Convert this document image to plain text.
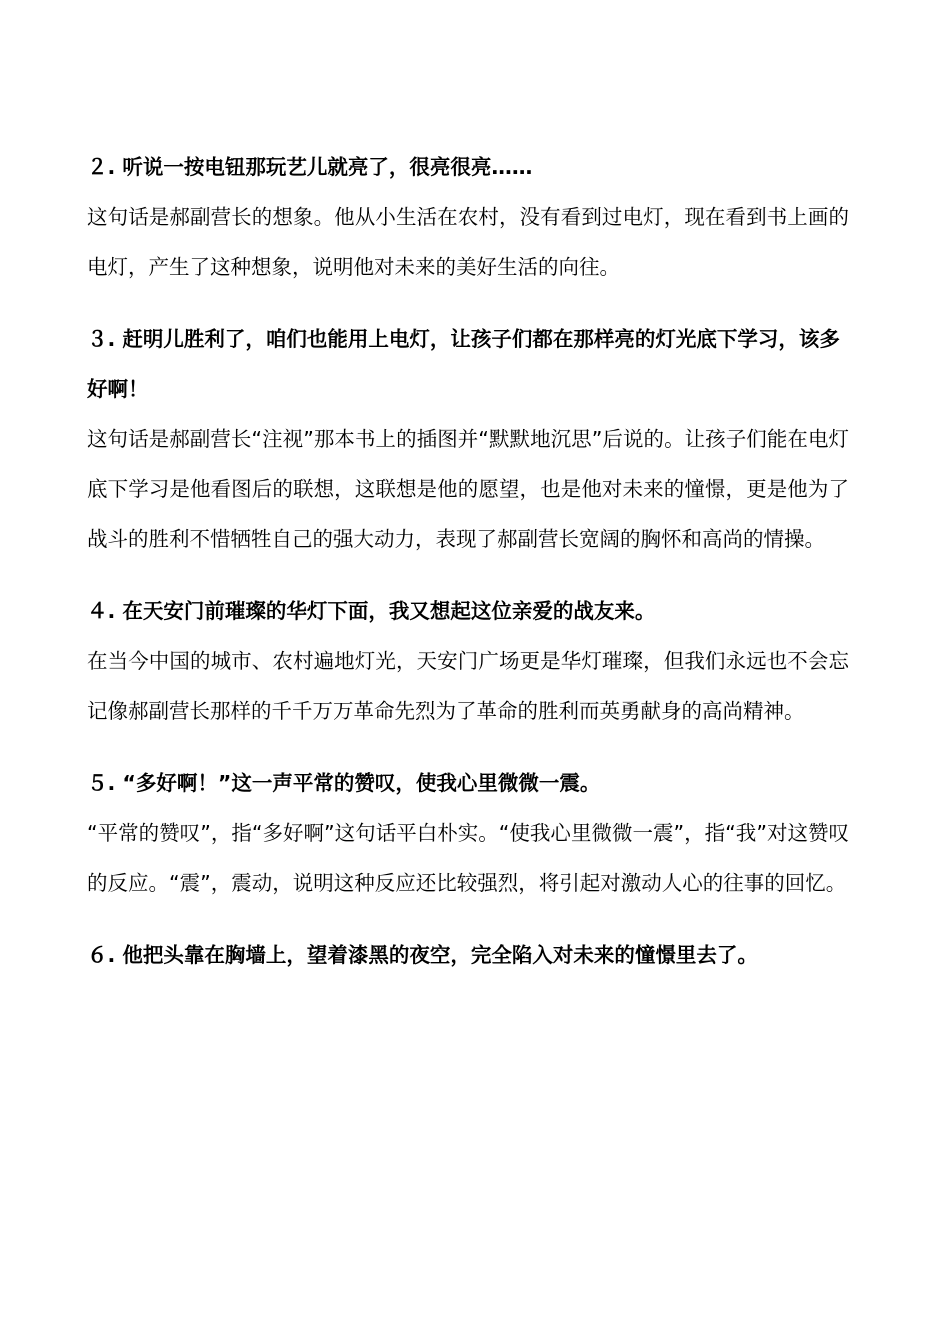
２. 听说一按电钮那玩艺儿就亮了，很亮很亮……

这句话是郝副营长的想象。他从小生活在农村，没有看到过电灯，现在看到书上画的电灯，产生了这种想象，说明他对未来的美好生活的向往。

３. 赶明儿胜利了，咱们也能用上电灯，让孩子们都在那样亮的灯光底下学习，该多好啊！

这句话是郝副营长“注视”那本书上的插图并“默默地沉思”后说的。让孩子们能在电灯底下学习是他看图后的联想，这联想是他的愿望，也是他对未来的憧憬，更是他为了战斗的胜利不惜牺牲自己的强大动力，表现了郝副营长宽阔的胸怀和高尚的情操。

４. 在天安门前璀璨的华灯下面，我又想起这位亲爱的战友来。

在当今中国的城市、农村遍地灯光，天安门广场更是华灯璀璨，但我们永远也不会忘记像郝副营长那样的千千万万革命先烈为了革命的胜利而英勇献身的高尚精神。

５. “多好啊！”这一声平常的赞叹，使我心里微微一震。

“平常的赞叹”，指“多好啊”这句话平白朴实。“使我心里微微一震”，指“我”对这赞叹的反应。“震”，震动，说明这种反应还比较强烈，将引起对激动人心的往事的回忆。

６. 他把头靠在胸墙上，望着漆黑的夜空，完全陷入对未来的憧憬里去了。
